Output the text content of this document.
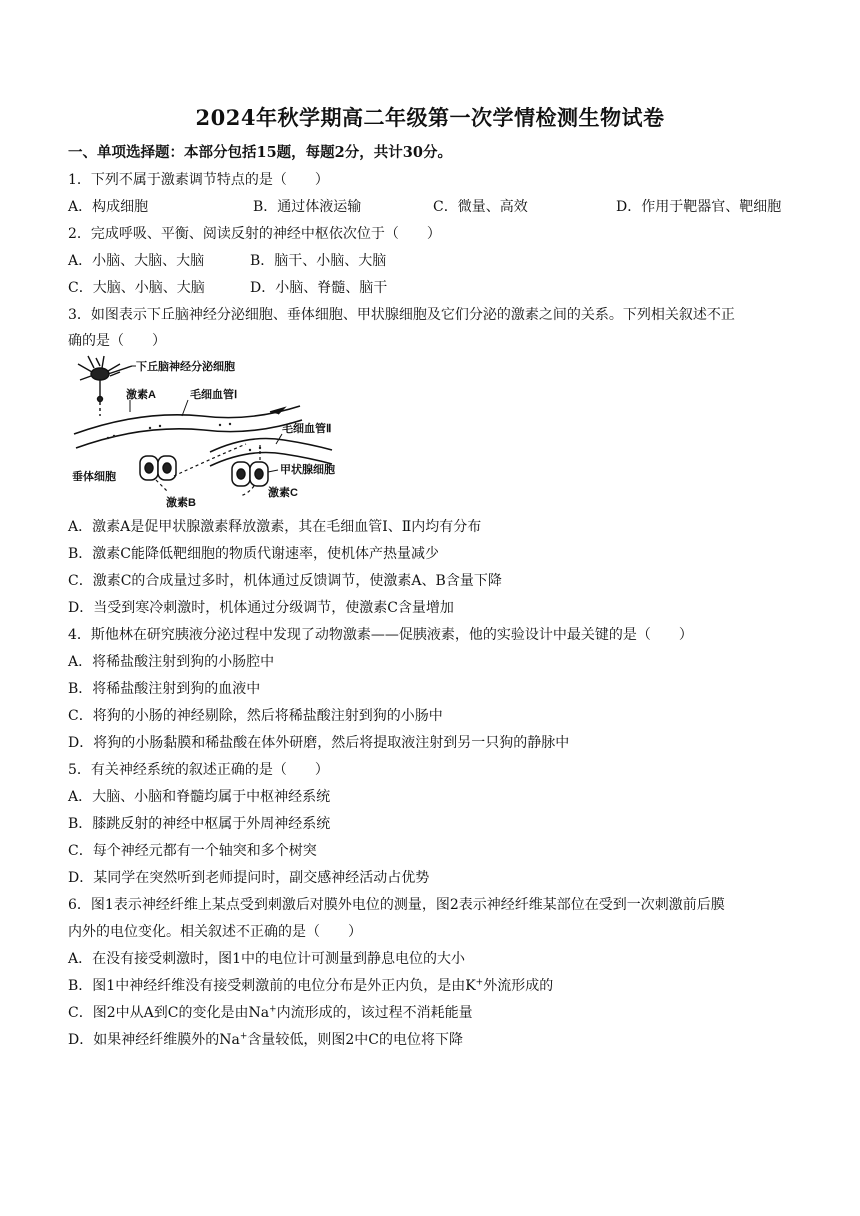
2024年秋学期高二年级第一次学情检测生物试卷
一、单项选择题：本部分包括15题，每题2分，共计30分。
1．下列不属于激素调节特点的是（　　）
A．构成细胞	B．通过体液运输	C．微量、高效	D．作用于靶器官、靶细胞
2．完成呼吸、平衡、阅读反射的神经中枢依次位于（　　）
A．小脑、大脑、大脑	B．脑干、小脑、大脑
C．大脑、小脑、大脑	D．小脑、脊髓、脑干
3．如图表示下丘脑神经分泌细胞、垂体细胞、甲状腺细胞及它们分泌的激素之间的关系。下列相关叙述不正
确的是（　　）
下丘脑神经分泌细胞
激素A	毛细血管Ⅰ
毛细血管Ⅱ
垂体细胞
甲状腺细胞
激素B
激素C
A．激素A是促甲状腺激素释放激素，其在毛细血管Ⅰ、Ⅱ内均有分布
B．激素C能降低靶细胞的物质代谢速率，使机体产热量减少
C．激素C的合成量过多时，机体通过反馈调节，使激素A、B含量下降
D．当受到寒冷刺激时，机体通过分级调节，使激素C含量增加
4．斯他林在研究胰液分泌过程中发现了动物激素——促胰液素，他的实验设计中最关键的是（　　）
A．将稀盐酸注射到狗的小肠腔中
B．将稀盐酸注射到狗的血液中
C．将狗的小肠的神经剔除，然后将稀盐酸注射到狗的小肠中
D．将狗的小肠黏膜和稀盐酸在体外研磨，然后将提取液注射到另一只狗的静脉中
5．有关神经系统的叙述正确的是（　　）
A．大脑、小脑和脊髓均属于中枢神经系统
B．膝跳反射的神经中枢属于外周神经系统
C．每个神经元都有一个轴突和多个树突
D．某同学在突然听到老师提问时，副交感神经活动占优势
6．图1表示神经纤维上某点受到刺激后对膜外电位的测量，图2表示神经纤维某部位在受到一次刺激前后膜
内外的电位变化。相关叙述不正确的是（　　）
A．在没有接受刺激时，图1中的电位计可测量到静息电位的大小
B．图1中神经纤维没有接受刺激前的电位分布是外正内负，是由K+外流形成的
C．图2中从A到C的变化是由Na+内流形成的，该过程不消耗能量
D．如果神经纤维膜外的Na+含量较低，则图2中C的电位将下降
